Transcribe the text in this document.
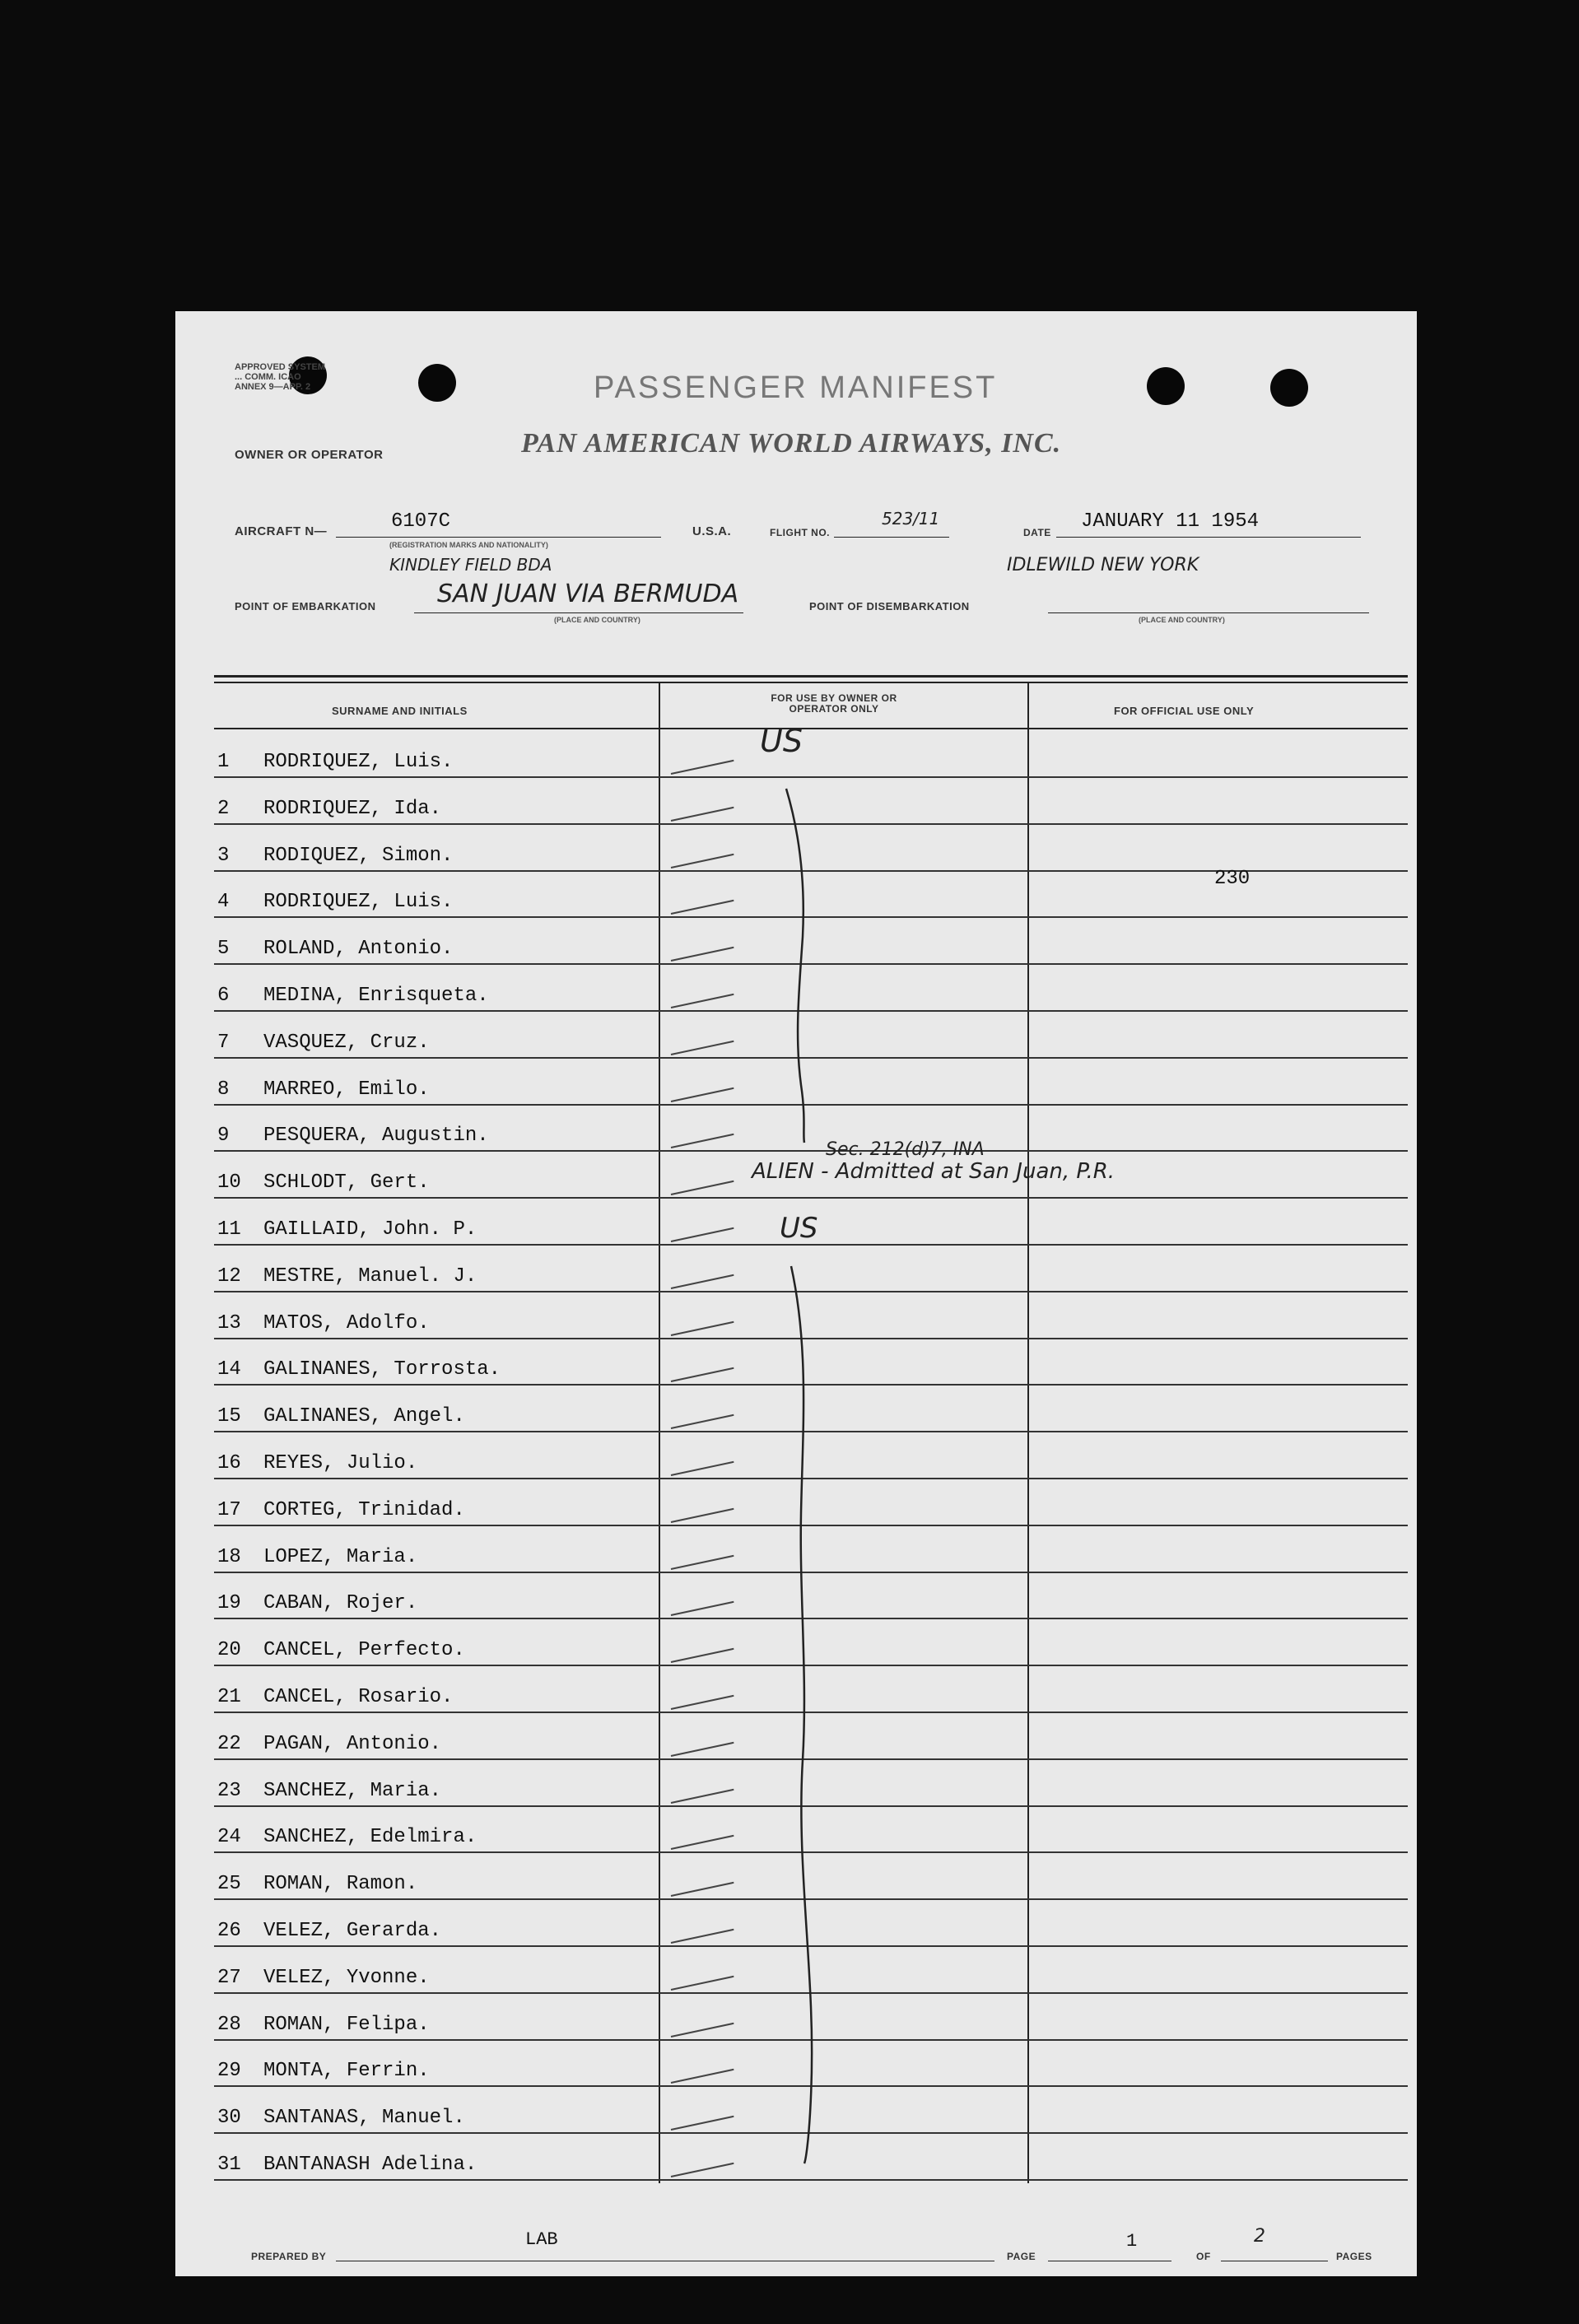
APPROVED SYSTEM ... COMM. ICAO ANNEX 9—APP. 2	PASSENGER MANIFEST
OWNER OR OPERATOR	PAN AMERICAN WORLD AIRWAYS, INC.
AIRCRAFT N—	6107C
(REGISTRATION MARKS AND NATIONALITY)
U.S.A.	FLIGHT NO.
523/11
DATE JANUARY 11 1954
KINDLEY FIELD BDA	IDLEWILD NEW YORK
POINT OF EMBARKATION SAN JUAN VIA BERMUDA
(PLACE AND COUNTRY)
POINT OF DISEMBARKATION
(PLACE AND COUNTRY)
SURNAME AND INITIALS
FOR USE BY OWNER OR OPERATOR ONLY	FOR OFFICIAL USE ONLY
1	RODRIQUEZ, Luis.
2	RODRIQUEZ, Ida.
3	RODIQUEZ, Simon.
4	RODRIQUEZ, Luis.
5	ROLAND, Antonio.
6	MEDINA, Enrisqueta.
7	VASQUEZ, Cruz.
8	MARREO, Emilo.
9	PESQUERA, Augustin.
10	SCHLODT, Gert.
11	GAILLAID, John. P.
12	MESTRE, Manuel. J.
13	MATOS, Adolfo.
14	GALINANES, Torrosta.
15	GALINANES, Angel.
16	REYES, Julio.
17	CORTEG, Trinidad.
18	LOPEZ, Maria.
19	CABAN, Rojer.
20	CANCEL, Perfecto.
21	CANCEL, Rosario.
22	PAGAN, Antonio.
23	SANCHEZ, Maria.
24	SANCHEZ, Edelmira.
25	ROMAN, Ramon.
26	VELEZ, Gerarda.
27	VELEZ, Yvonne.
28	ROMAN, Felipa.
29	MONTA, Ferrin.
30	SANTANAS, Manuel.
31	BANTANASH Adelina.
US
230
Sec. 212(d)7, INA
ALIEN - Admitted at San Juan, P.R.
US
PREPARED BY
LAB
PAGE
1
OF
2
PAGES
